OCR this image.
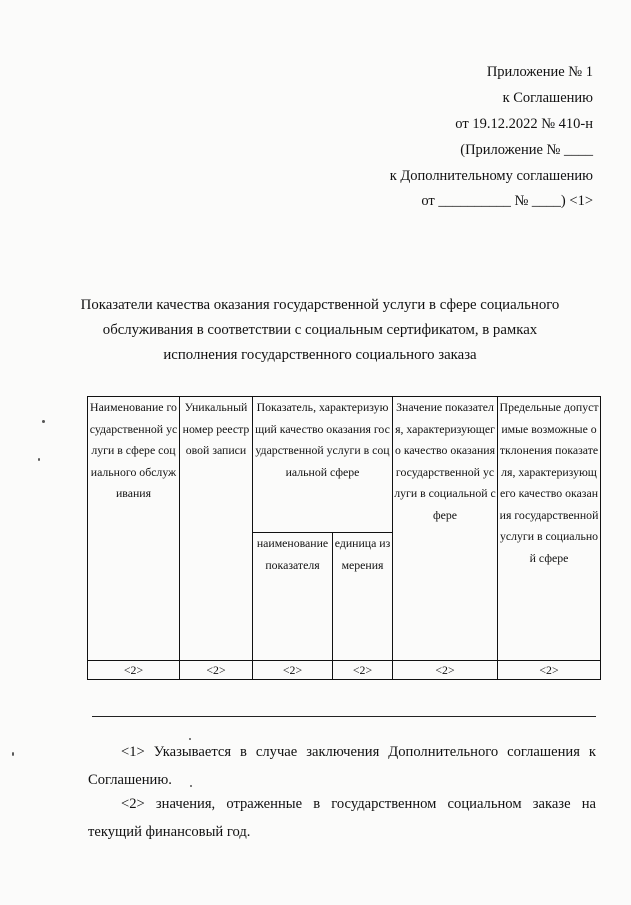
Приложение № 1
к Соглашению
от 19.12.2022 № 410-н
(Приложение № ____
к Дополнительному соглашению
от __________ № ____) <1>
Показатели качества оказания государственной услуги в сфере социального
обслуживания в соответствии с социальным сертификатом, в рамках
исполнения государственного социального заказа
Наименование государственной услуги в сфере социального обслуживания	Уникальный номер реестровой записи	Показатель, характеризующий качество оказания государственной услуги в социальной сфере		Значение показателя, характеризующего качество оказания государственной услуги в социальной сфере	Предельные допустимые возможные отклонения показателя, характеризующего качество оказания государственной услуги в социальной сфере

		наименование показателя	единица измерения		

<2>	<2>	<2>	<2>	<2>	<2>
<1> Указывается в случае заключения Дополнительного соглашения к
Соглашению.
<2> значения, отраженные в государственном социальном заказе на
текущий финансовый год.
